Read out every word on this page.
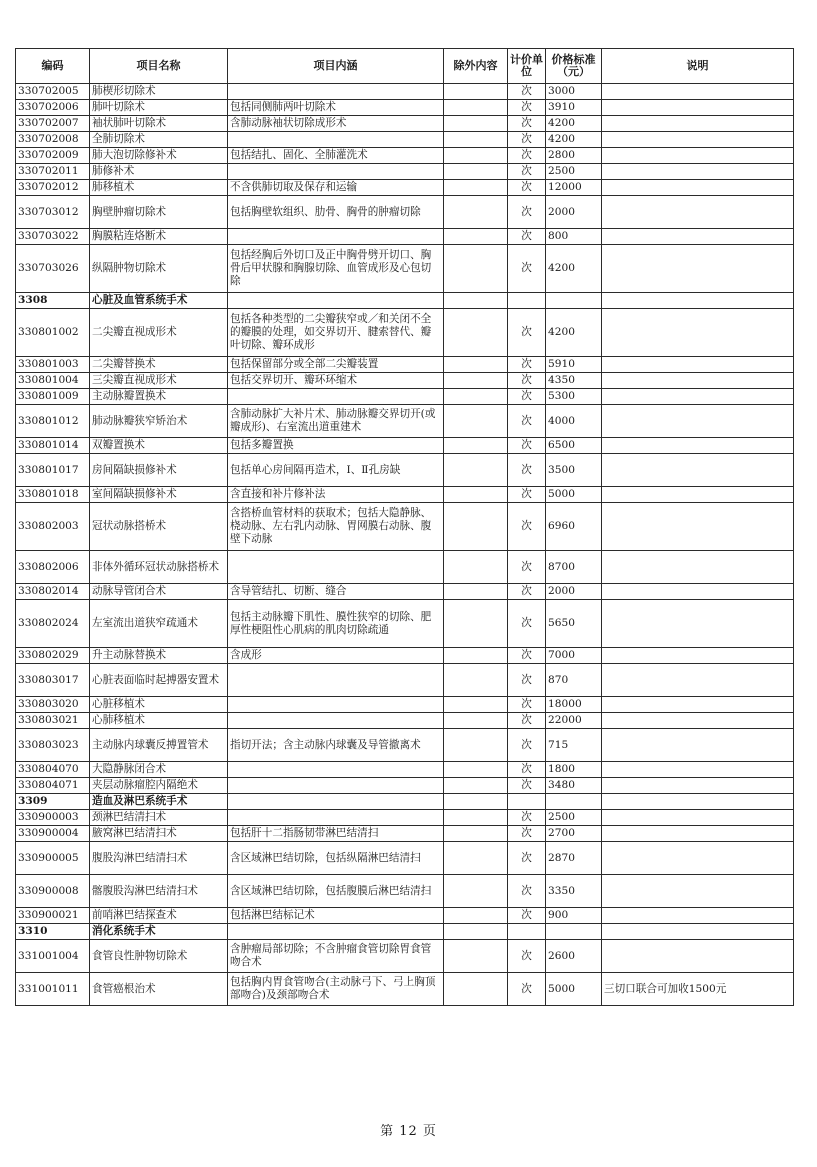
编码	项目名称	项目内涵	除外内容	计价单位	价格标准（元）	说明
330702005	肺楔形切除术			次	3000	
330702006	肺叶切除术	包括同侧肺两叶切除术		次	3910	
330702007	袖状肺叶切除术	含肺动脉袖状切除成形术		次	4200	
330702008	全肺切除术			次	4200	
330702009	肺大泡切除修补术	包括结扎、固化、全肺灌洗术		次	2800	
330702011	肺修补术			次	2500	
330702012	肺移植术	不含供肺切取及保存和运输		次	12000	
330703012	胸壁肿瘤切除术	包括胸壁软组织、肋骨、胸骨的肿瘤切除		次	2000	
330703022	胸膜粘连烙断术			次	800	
330703026	纵隔肿物切除术	包括经胸后外切口及正中胸骨劈开切口、胸骨后甲状腺和胸腺切除、血管成形及心包切除		次	4200	
3308	心脏及血管系统手术					
330801002	二尖瓣直视成形术	包括各种类型的二尖瓣狭窄或／和关闭不全的瓣膜的处理，如交界切开、腱索替代、瓣叶切除、瓣环成形		次	4200	
330801003	二尖瓣替换术	包括保留部分或全部二尖瓣装置		次	5910	
330801004	三尖瓣直视成形术	包括交界切开、瓣环环缩术		次	4350	
330801009	主动脉瓣置换术			次	5300	
330801012	肺动脉瓣狭窄矫治术	含肺动脉扩大补片术、肺动脉瓣交界切开(或瓣成形)、右室流出道重建术		次	4000	
330801014	双瓣置换术	包括多瓣置换		次	6500	
330801017	房间隔缺损修补术	包括单心房间隔再造术，Ⅰ、Ⅱ孔房缺		次	3500	
330801018	室间隔缺损修补术	含直接和补片修补法		次	5000	
330802003	冠状动脉搭桥术	含搭桥血管材料的获取术；包括大隐静脉、桡动脉、左右乳内动脉、胃网膜右动脉、腹壁下动脉		次	6960	
330802006	非体外循环冠状动脉搭桥术			次	8700	
330802014	动脉导管闭合术	含导管结扎、切断、缝合		次	2000	
330802024	左室流出道狭窄疏通术	包括主动脉瓣下肌性、膜性狭窄的切除、肥厚性梗阻性心肌病的肌肉切除疏通		次	5650	
330802029	升主动脉替换术	含成形		次	7000	
330803017	心脏表面临时起搏器安置术			次	870	
330803020	心脏移植术			次	18000	
330803021	心肺移植术			次	22000	
330803023	主动脉内球囊反搏置管术	指切开法；含主动脉内球囊及导管撤离术		次	715	
330804070	大隐静脉闭合术			次	1800	
330804071	夹层动脉瘤腔内隔绝术			次	3480	
3309	造血及淋巴系统手术					
330900003	颈淋巴结清扫术			次	2500	
330900004	腋窝淋巴结清扫术	包括肝十二指肠韧带淋巴结清扫		次	2700	
330900005	腹股沟淋巴结清扫术	含区域淋巴结切除，包括纵隔淋巴结清扫		次	2870	
330900008	髂腹股沟淋巴结清扫术	含区域淋巴结切除，包括腹膜后淋巴结清扫		次	3350	
330900021	前哨淋巴结探查术	包括淋巴结标记术		次	900	
3310	消化系统手术					
331001004	食管良性肿物切除术	含肿瘤局部切除；不含肿瘤食管切除胃食管吻合术		次	2600	
331001011	食管癌根治术	包括胸内胃食管吻合(主动脉弓下、弓上胸顶部吻合)及颈部吻合术		次	5000	三切口联合可加收1500元
第 12 页
